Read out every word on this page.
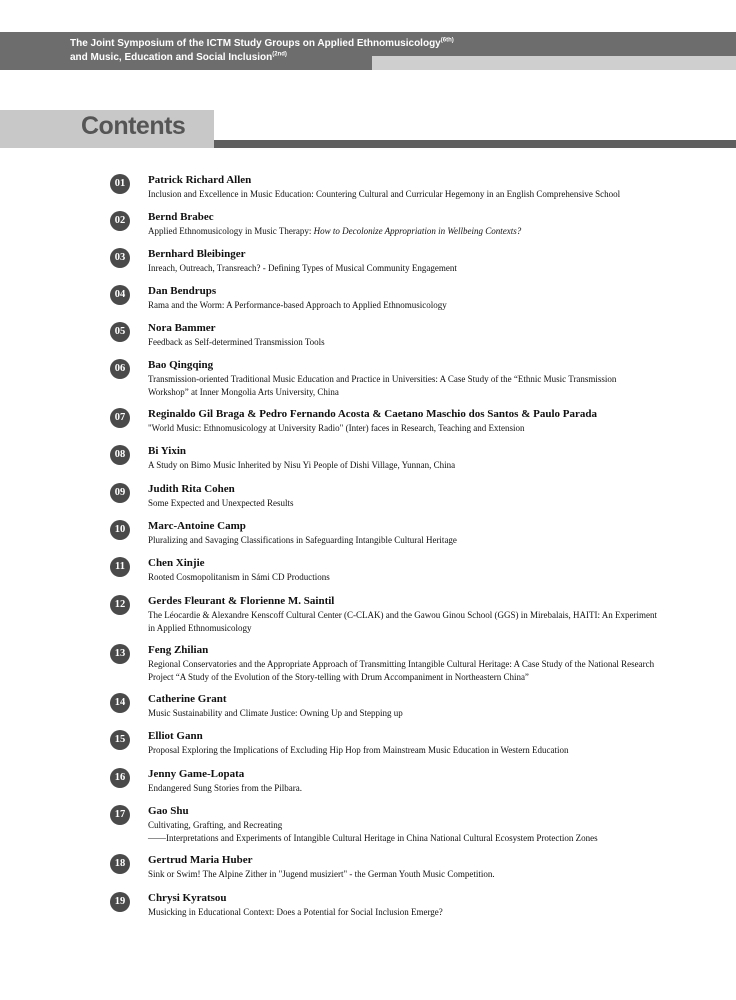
The Joint Symposium of the ICTM Study Groups on Applied Ethnomusicology$^{(6th)}$
and Music, Education and Social Inclusion$^{(2nd)}$
Contents
01	Patrick Richard Allen
Inclusion and Excellence in Music Education: Countering Cultural and Curricular Hegemony in an English Comprehensive School
02	Bernd Brabec
Applied Ethnomusicology in Music Therapy: How to Decolonize Appropriation in Wellbeing Contexts?
03	Bernhard Bleibinger
Inreach, Outreach, Transreach? - Defining Types of Musical Community Engagement
04	Dan Bendrups
Rama and the Worm: A Performance-based Approach to Applied Ethnomusicology
05	Nora Bammer
Feedback as Self-determined Transmission Tools
06	Bao Qingqing
Transmission-oriented Traditional Music Education and Practice in Universities: A Case Study of the “Ethnic Music Transmission Workshop” at Inner Mongolia Arts University, China
07	Reginaldo Gil Braga & Pedro Fernando Acosta & Caetano Maschio dos Santos & Paulo Parada
"World Music: Ethnomusicology at University Radio" (Inter) faces in Research, Teaching and Extension
08	Bi Yixin
A Study on Bimo Music Inherited by Nisu Yi People of Dishi Village, Yunnan, China
09	Judith Rita Cohen
Some Expected and Unexpected Results
10	Marc-Antoine Camp
Pluralizing and Savaging Classifications in Safeguarding Intangible Cultural Heritage
11	Chen Xinjie
Rooted Cosmopolitanism in Sámi CD Productions
12	Gerdes Fleurant & Florienne M. Saintil
The Léocardie & Alexandre Kenscoff Cultural Center (C-CLAK) and the Gawou Ginou School (GGS) in Mirebalais, HAITI: An Experiment in Applied Ethnomusicology
13	Feng Zhilian
Regional Conservatories and the Appropriate Approach of Transmitting Intangible Cultural Heritage: A Case Study of the National Research Project “A Study of the Evolution of the Story-telling with Drum Accompaniment in Northeastern China”
14	Catherine Grant
Music Sustainability and Climate Justice: Owning Up and Stepping up
15	Elliot Gann
Proposal Exploring the Implications of Excluding Hip Hop from Mainstream Music Education in Western Education
16	Jenny Game-Lopata
Endangered Sung Stories from the Pilbara.
17	Gao Shu
Cultivating, Grafting, and Recreating
——Interpretations and Experiments of Intangible Cultural Heritage in China National Cultural Ecosystem Protection Zones
18	Gertrud Maria Huber
Sink or Swim! The Alpine Zither in "Jugend musiziert" - the German Youth Music Competition.
19	Chrysi Kyratsou
Musicking in Educational Context: Does a Potential for Social Inclusion Emerge?
